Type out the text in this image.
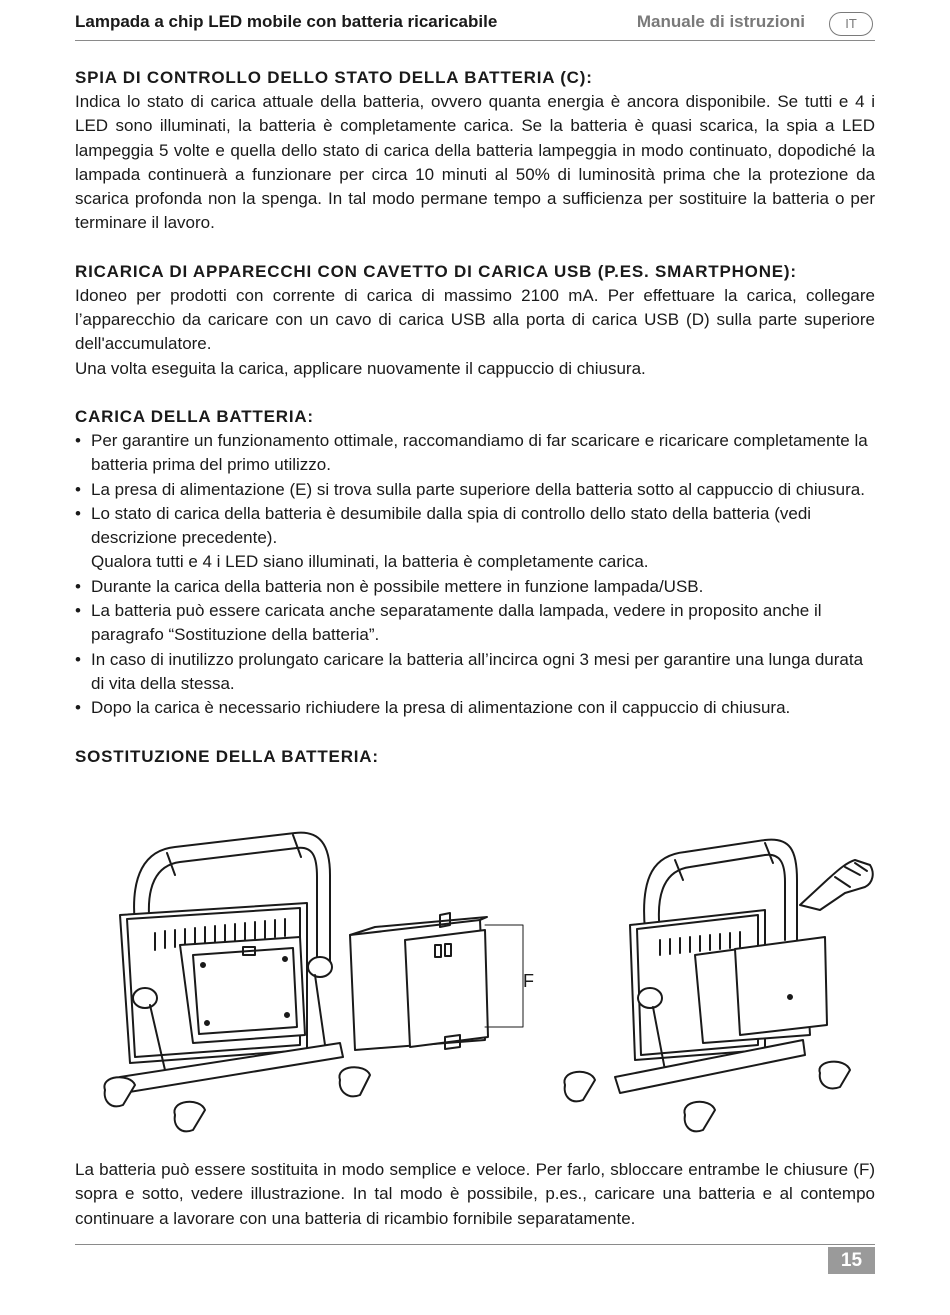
Lampada a chip LED mobile con batteria ricaricabile	Manuale di istruzioni	IT
SPIA DI CONTROLLO DELLO STATO DELLA BATTERIA (C):

Indica lo stato di carica attuale della batteria, ovvero quanta energia è ancora disponibile. Se tutti e 4 i LED sono illuminati, la batteria è completamente carica. Se la batteria è quasi scarica, la spia a LED lampeggia 5 volte e quella dello stato di carica della batteria lampeggia in modo continuato, dopodiché la lampada continuerà a funzionare per circa 10 minuti al 50% di luminosità prima che la protezione da scarica profonda non la spenga. In tal modo permane tempo a sufficienza per sostituire la batteria o per terminare il lavoro.

RICARICA DI APPARECCHI CON CAVETTO DI CARICA USB (P.ES. SMARTPHONE):

Idoneo per prodotti con corrente di carica di massimo 2100 mA. Per effettuare la carica, collegare l’apparecchio da caricare con un cavo di carica USB alla porta di carica USB (D) sulla parte superiore dell'accumulatore.

Una volta eseguita la carica, applicare nuovamente il cappuccio di chiusura.

CARICA DELLA BATTERIA:
• Per garantire un funzionamento ottimale, raccomandiamo di far scaricare e ricaricare completamente la batteria prima del primo utilizzo.
• La presa di alimentazione (E) si trova sulla parte superiore della batteria sotto al cappuccio di chiusura.
• Lo stato di carica della batteria è desumibile dalla spia di controllo dello stato della batteria (vedi descrizione precedente).
Qualora tutti e 4 i LED siano illuminati, la batteria è completamente carica.
• Durante la carica della batteria non è possibile mettere in funzione lampada/USB.
• La batteria può essere caricata anche separatamente dalla lampada, vedere in proposito anche il paragrafo “Sostituzione della batteria”.
• In caso di inutilizzo prolungato caricare la batteria all’incirca ogni 3 mesi per garantire una lunga durata di vita della stessa.
• Dopo la carica è necessario richiudere la presa di alimentazione con il cappuccio di chiusura.
SOSTITUZIONE DELLA BATTERIA:
F

La batteria può essere sostituita in modo semplice e veloce. Per farlo, sbloccare entrambe le chiusure (F) sopra e sotto, vedere illustrazione. In tal modo è possibile, p.es., caricare una batteria e al contempo continuare a lavorare con una batteria di ricambio fornibile separatamente.

15
